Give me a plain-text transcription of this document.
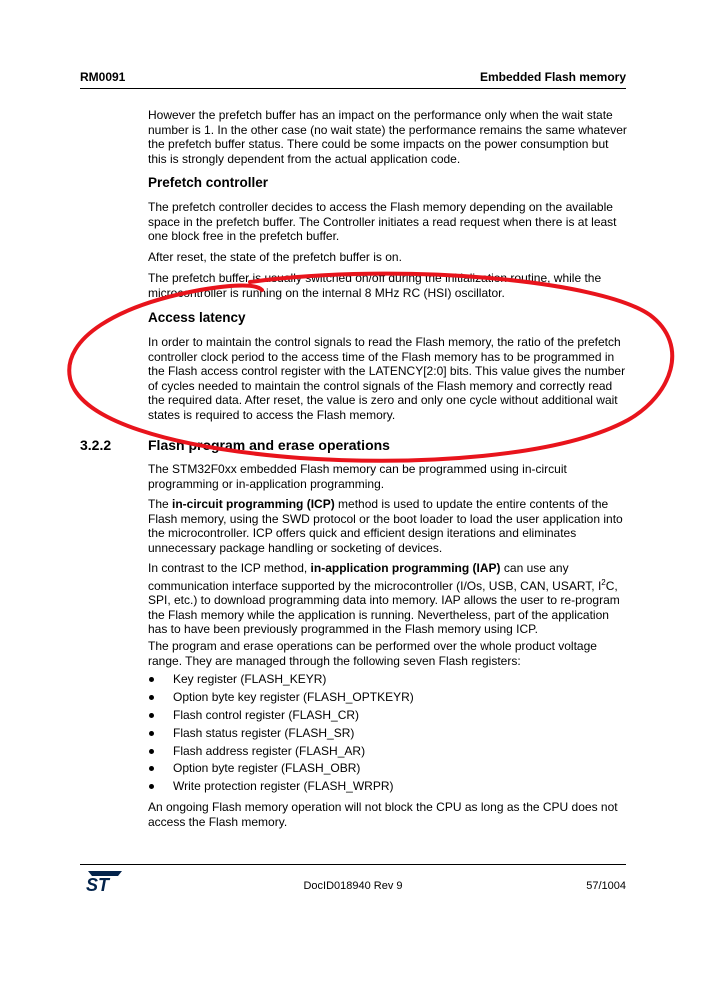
RM0091	Embedded Flash memory

However the prefetch buffer has an impact on the performance only when the wait state number is 1. In the other case (no wait state) the performance remains the same whatever the prefetch buffer status. There could be some impacts on the power consumption but this is strongly dependent from the actual application code.

Prefetch controller

The prefetch controller decides to access the Flash memory depending on the available space in the prefetch buffer. The Controller initiates a read request when there is at least one block free in the prefetch buffer.

After reset, the state of the prefetch buffer is on.

The prefetch buffer is usually switched on/off during the initialization routine, while the microcontroller is running on the internal 8 MHz RC (HSI) oscillator.

Access latency

In order to maintain the control signals to read the Flash memory, the ratio of the prefetch controller clock period to the access time of the Flash memory has to be programmed in the Flash access control register with the LATENCY[2:0] bits. This value gives the number of cycles needed to maintain the control signals of the Flash memory and correctly read the required data. After reset, the value is zero and only one cycle without additional wait states is required to access the Flash memory.

3.2.2	Flash program and erase operations

The STM32F0xx embedded Flash memory can be programmed using in-circuit programming or in-application programming.

The in-circuit programming (ICP) method is used to update the entire contents of the Flash memory, using the SWD protocol or the boot loader to load the user application into the microcontroller. ICP offers quick and efficient design iterations and eliminates unnecessary package handling or socketing of devices.

In contrast to the ICP method, in-application programming (IAP) can use any communication interface supported by the microcontroller (I/Os, USB, CAN, USART, $I^2C$, SPI, etc.) to download programming data into memory. IAP allows the user to re-program the Flash memory while the application is running. Nevertheless, part of the application has to have been previously programmed in the Flash memory using ICP.

The program and erase operations can be performed over the whole product voltage range. They are managed through the following seven Flash registers:

Key register (FLASH_KEYR)
Option byte key register (FLASH_OPTKEYR)
Flash control register (FLASH_CR)
Flash status register (FLASH_SR)
Flash address register (FLASH_AR)
Option byte register (FLASH_OBR)
Write protection register (FLASH_WRPR)

An ongoing Flash memory operation will not block the CPU as long as the CPU does not access the Flash memory.

ST	DocID018940 Rev 9	57/1004
